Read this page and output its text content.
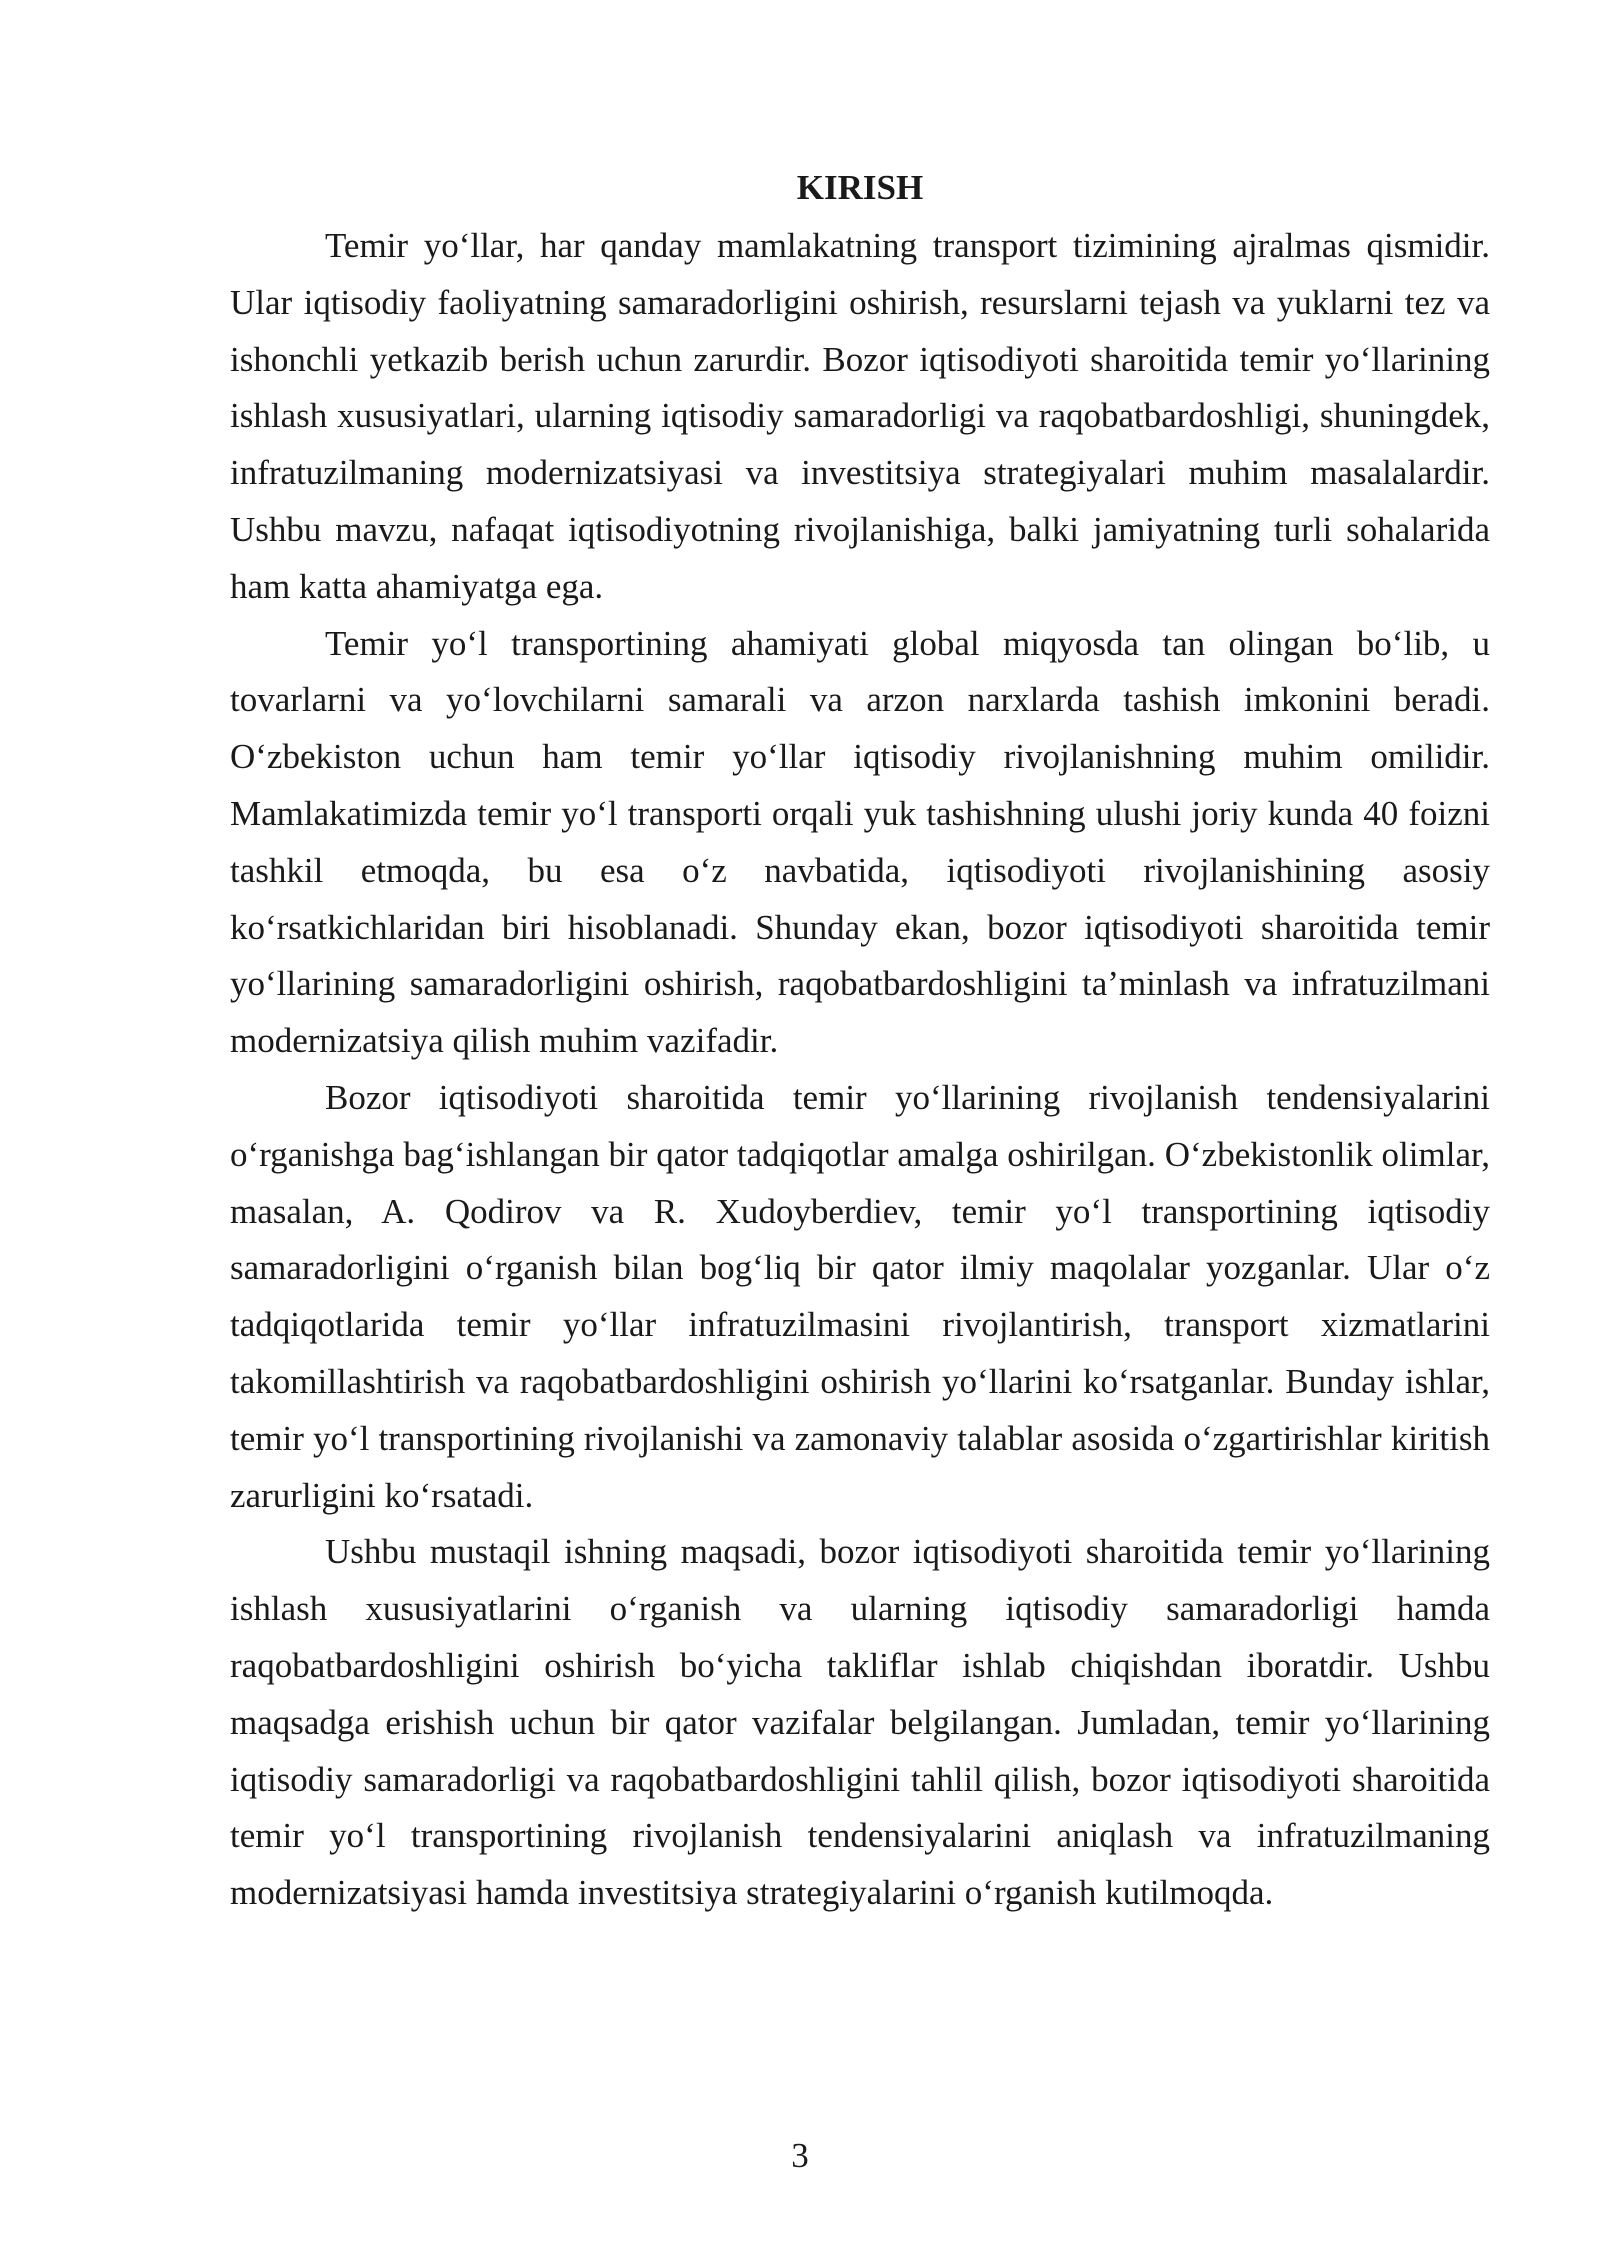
KIRISH

Temir yo‘llar, har qanday mamlakatning transport tizimining ajralmas qismidir. Ular iqtisodiy faoliyatning samaradorligini oshirish, resurslarni tejash va yuklarni tez va ishonchli yetkazib berish uchun zarurdir. Bozor iqtisodiyoti sharoitida temir yo‘llarining ishlash xususiyatlari, ularning iqtisodiy samaradorligi va raqobatbardoshligi, shuningdek, infratuzilmaning modernizatsiyasi va investitsiya strategiyalari muhim masalalardir. Ushbu mavzu, nafaqat iqtisodiyotning rivojlanishiga, balki jamiyatning turli sohalarida ham katta ahamiyatga ega.

Temir yo‘l transportining ahamiyati global miqyosda tan olingan bo‘lib, u tovarlarni va yo‘lovchilarni samarali va arzon narxlarda tashish imkonini beradi. O‘zbekiston uchun ham temir yo‘llar iqtisodiy rivojlanishning muhim omilidir. Mamlakatimizda temir yo‘l transporti orqali yuk tashishning ulushi joriy kunda 40 foizni tashkil etmoqda, bu esa o‘z navbatida, iqtisodiyoti rivojlanishining asosiy ko‘rsatkichlaridan biri hisoblanadi. Shunday ekan, bozor iqtisodiyoti sharoitida temir yo‘llarining samaradorligini oshirish, raqobatbardoshligini ta’minlash va infratuzilmani modernizatsiya qilish muhim vazifadir.

Bozor iqtisodiyoti sharoitida temir yo‘llarining rivojlanish tendensiyalarini o‘rganishga bag‘ishlangan bir qator tadqiqotlar amalga oshirilgan. O‘zbekistonlik olimlar, masalan, A. Qodirov va R. Xudoyberdiev, temir yo‘l transportining iqtisodiy samaradorligini o‘rganish bilan bog‘liq bir qator ilmiy maqolalar yozganlar. Ular o‘z tadqiqotlarida temir yo‘llar infratuzilmasini rivojlantirish, transport xizmatlarini takomillashtirish va raqobatbardoshligini oshirish yo‘llarini ko‘rsatganlar. Bunday ishlar, temir yo‘l transportining rivojlanishi va zamonaviy talablar asosida o‘zgartirishlar kiritish zarurligini ko‘rsatadi.

Ushbu mustaqil ishning maqsadi, bozor iqtisodiyoti sharoitida temir yo‘llarining ishlash xususiyatlarini o‘rganish va ularning iqtisodiy samaradorligi hamda raqobatbardoshligini oshirish bo‘yicha takliflar ishlab chiqishdan iboratdir. Ushbu maqsadga erishish uchun bir qator vazifalar belgilangan. Jumladan, temir yo‘llarining iqtisodiy samaradorligi va raqobatbardoshligini tahlil qilish, bozor iqtisodiyoti sharoitida temir yo‘l transportining rivojlanish tendensiyalarini aniqlash va infratuzilmaning modernizatsiyasi hamda investitsiya strategiyalarini o‘rganish kutilmoqda.

3
